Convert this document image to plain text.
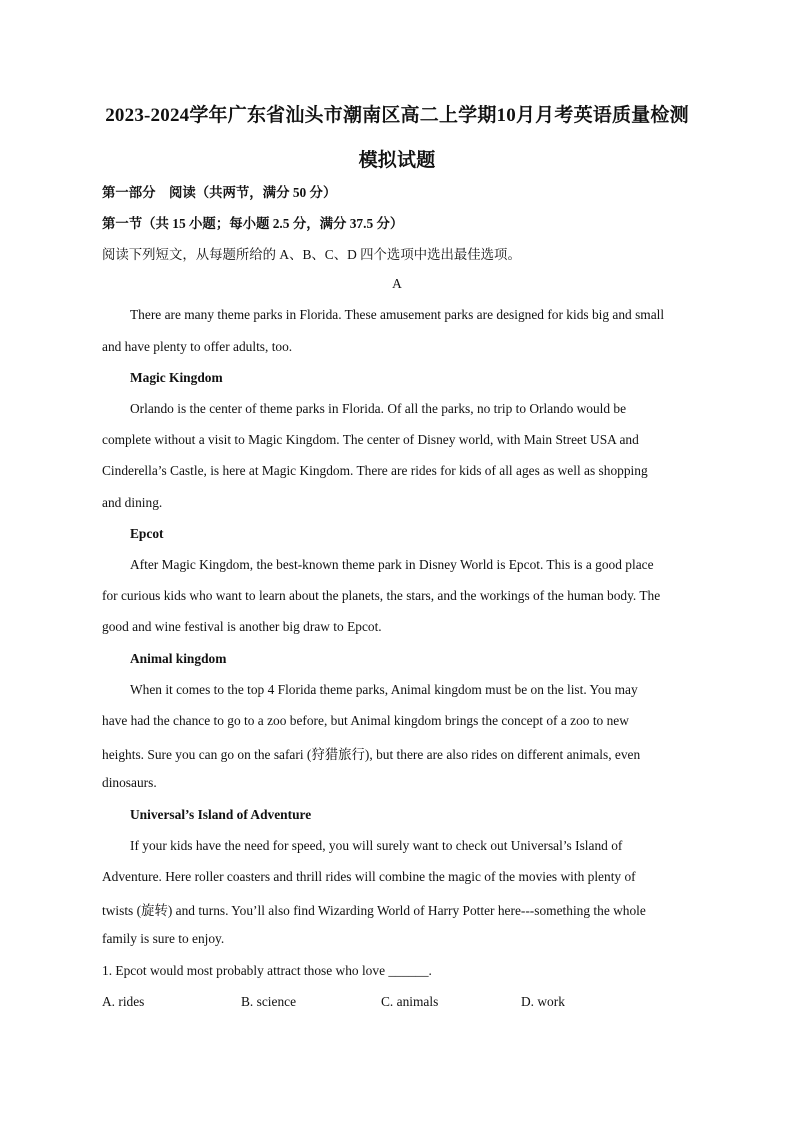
2023-2024学年广东省汕头市潮南区高二上学期10月月考英语质量检测
模拟试题
第一部分　阅读（共两节，满分 50 分）
第一节（共 15 小题；每小题 2.5 分，满分 37.5 分）
阅读下列短文，从每题所给的 A、B、C、D 四个选项中选出最佳选项。
A
There are many theme parks in Florida. These amusement parks are designed for kids big and small
and have plenty to offer adults, too.
Magic Kingdom
Orlando is the center of theme parks in Florida. Of all the parks, no trip to Orlando would be
complete without a visit to Magic Kingdom. The center of Disney world, with Main Street USA and
Cinderella’s Castle, is here at Magic Kingdom. There are rides for kids of all ages as well as shopping
and dining.
Epcot
After Magic Kingdom, the best-known theme park in Disney World is Epcot. This is a good place
for curious kids who want to learn about the planets, the stars, and the workings of the human body. The
good and wine festival is another big draw to Epcot.
Animal kingdom
When it comes to the top 4 Florida theme parks, Animal kingdom must be on the list. You may
have had the chance to go to a zoo before, but Animal kingdom brings the concept of a zoo to new
heights. Sure you can go on the safari (狩猎旅行), but there are also rides on different animals, even
dinosaurs.
Universal’s Island of Adventure
If your kids have the need for speed, you will surely want to check out Universal’s Island of
Adventure. Here roller coasters and thrill rides will combine the magic of the movies with plenty of
twists (旋转) and turns. You’ll also find Wizarding World of Harry Potter here---something the whole
family is sure to enjoy.
1. Epcot would most probably attract those who love ______.
A. rides	B. science	C. animals	D. work
